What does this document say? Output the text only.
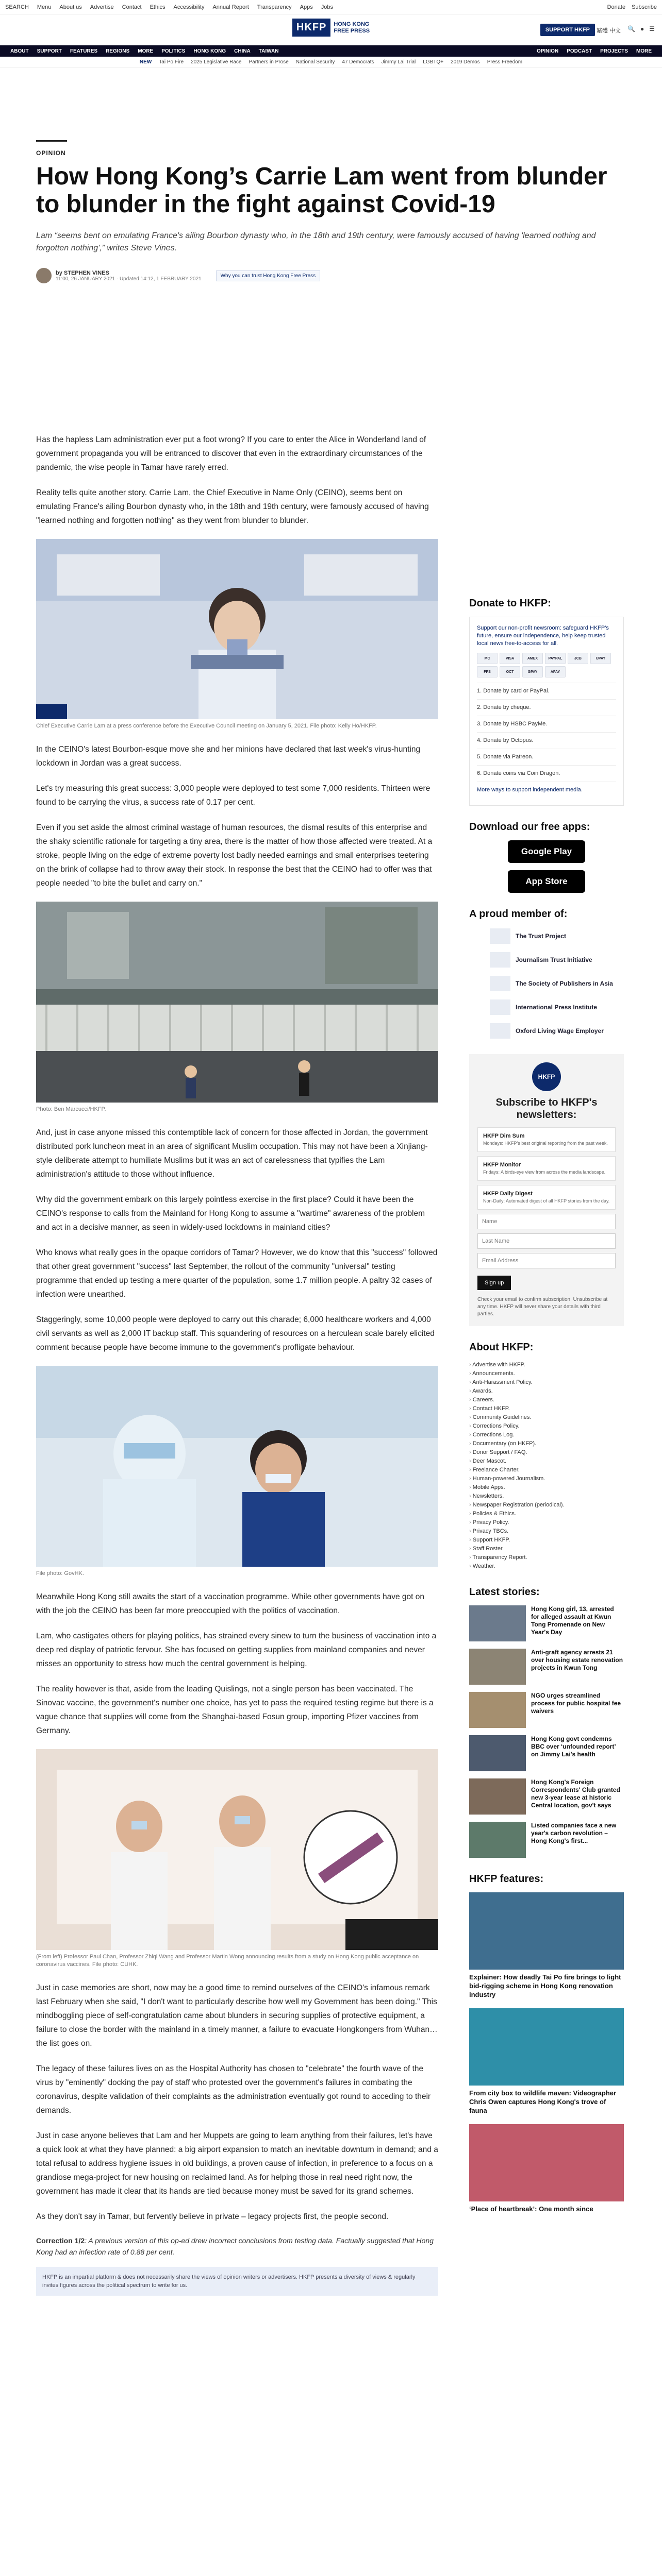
SEARCH Menu About us Advertise Contact Ethics Accessibility Annual Report Transparency Apps Jobs	Donate Subscribe
HKFP	HONG KONG
FREE PRESS	SUPPORT HKFP	繁體 中文 🔍 ● ☰
ABOUT SUPPORT FEATURES REGIONS MORE POLITICS HONG KONG CHINA TAIWAN	OPINION PODCAST PROJECTS MORE
NEW Tai Po Fire 2025 Legislative Race Partners in Prose National Security 47 Democrats Jimmy Lai Trial LGBTQ+ 2019 Demos Press Freedom
OPINION
How Hong Kong’s Carrie Lam went from blunder to blunder in the fight against Covid-19
Lam “seems bent on emulating France's ailing Bourbon dynasty who, in the 18th and 19th century, were famously accused of having 'learned nothing and forgotten nothing',” writes Steve Vines.
by STEPHEN VINES
11:00, 26 JANUARY 2021 · Updated 14:12, 1 FEBRUARY 2021
Why you can trust Hong Kong Free Press

Has the hapless Lam administration ever put a foot wrong? If you care to enter the Alice in Wonderland land of government propaganda you will be entranced to discover that even in the extraordinary circumstances of the pandemic, the wise people in Tamar have rarely erred.

Reality tells quite another story. Carrie Lam, the Chief Executive in Name Only (CEINO), seems bent on emulating France's ailing Bourbon dynasty who, in the 18th and 19th century, were famously accused of having "learned nothing and forgotten nothing" as they went from blunder to blunder.

Chief Executive Carrie Lam at a press conference before the Executive Council meeting on January 5, 2021. File photo: Kelly Ho/HKFP.

In the CEINO's latest Bourbon-esque move she and her minions have declared that last week's virus-hunting lockdown in Jordan was a great success.

Let's try measuring this great success: 3,000 people were deployed to test some 7,000 residents. Thirteen were found to be carrying the virus, a success rate of 0.17 per cent.

Even if you set aside the almost criminal wastage of human resources, the dismal results of this enterprise and the shaky scientific rationale for targeting a tiny area, there is the matter of how those affected were treated. At a stroke, people living on the edge of extreme poverty lost badly needed earnings and small enterprises teetering on the brink of collapse had to throw away their stock. In response the best that the CEINO had to offer was that people needed "to bite the bullet and carry on."

Photo: Ben Marcucci/HKFP.

And, just in case anyone missed this contemptible lack of concern for those affected in Jordan, the government distributed pork luncheon meat in an area of significant Muslim occupation. This may not have been a Xinjiang-style deliberate attempt to humiliate Muslims but it was an act of carelessness that typifies the Lam administration's attitude to those without influence.

Why did the government embark on this largely pointless exercise in the first place? Could it have been the CEINO's response to calls from the Mainland for Hong Kong to assume a "wartime" awareness of the problem and act in a decisive manner, as seen in widely-used lockdowns in mainland cities?

Who knows what really goes in the opaque corridors of Tamar? However, we do know that this "success" followed that other great government "success" last September, the rollout of the community "universal" testing programme that ended up testing a mere quarter of the population, some 1.7 million people. A paltry 32 cases of infection were unearthed.

Staggeringly, some 10,000 people were deployed to carry out this charade; 6,000 healthcare workers and 4,000 civil servants as well as 2,000 IT backup staff. This squandering of resources on a herculean scale barely elicited comment because people have become immune to the government's profligate behaviour.

File photo: GovHK.

Meanwhile Hong Kong still awaits the start of a vaccination programme. While other governments have got on with the job the CEINO has been far more preoccupied with the politics of vaccination.

Lam, who castigates others for playing politics, has strained every sinew to turn the business of vaccination into a deep red display of patriotic fervour. She has focused on getting supplies from mainland companies and never misses an opportunity to stress how much the central government is helping.

The reality however is that, aside from the leading Quislings, not a single person has been vaccinated. The Sinovac vaccine, the government's number one choice, has yet to pass the required testing regime but there is a vague chance that supplies will come from the Shanghai-based Fosun group, importing Pfizer vaccines from Germany.

(From left) Professor Paul Chan, Professor Zhiqi Wang and Professor Martin Wong announcing results from a study on Hong Kong public acceptance on coronavirus vaccines. File photo: CUHK.

Just in case memories are short, now may be a good time to remind ourselves of the CEINO's infamous remark last February when she said, "I don't want to particularly describe how well my Government has been doing." This mindboggling piece of self-congratulation came about blunders in securing supplies of protective equipment, a failure to close the border with the mainland in a timely manner, a failure to evacuate Hongkongers from Wuhan… the list goes on.

The legacy of these failures lives on as the Hospital Authority has chosen to "celebrate" the fourth wave of the virus by "eminently" docking the pay of staff who protested over the government's failures in combating the coronavirus, despite validation of their complaints as the administration eventually got round to acceding to their demands.

Just in case anyone believes that Lam and her Muppets are going to learn anything from their failures, let's have a quick look at what they have planned: a big airport expansion to match an inevitable downturn in demand; and a total refusal to address hygiene issues in old buildings, a proven cause of infection, in preference to a focus on a grandiose mega-project for new housing on reclaimed land. As for helping those in real need right now, the government has made it clear that its hands are tied because money must be saved for its grand schemes.

As they don't say in Tamar, but fervently believe in private – legacy projects first, the people second.

Correction 1/2: A previous version of this op-ed drew incorrect conclusions from testing data. Factually suggested that Hong Kong had an infection rate of 0.88 per cent.
HKFP is an impartial platform & does not necessarily share the views of opinion writers or advertisers. HKFP presents a diversity of views & regularly invites figures across the political spectrum to write for us.
Donate to HKFP:
Support our non-profit newsroom: safeguard HKFP's future, ensure our independence, help keep trusted local news free-to-access for all.
MC	VISA	AMEX	PAYPAL	JCB	UPAY
FPS	OCT	GPAY	APAY
1. Donate by card or PayPal.
2. Donate by cheque.
3. Donate by HSBC PayMe.
4. Donate by Octopus.
5. Donate via Patreon.
6. Donate coins via Coin Dragon.
More ways to support independent media.
Download our free apps:
Google Play
App Store
A proud member of:
The Trust Project
Journalism Trust Initiative
The Society of Publishers in Asia
International Press Institute
Oxford Living Wage Employer
HKFP
Subscribe to HKFP's newsletters:
HKFP Dim Sum
Mondays: HKFP's best original reporting from the past week.
HKFP Monitor
Fridays: A birds-eye view from across the media landscape.
HKFP Daily Digest
Non-Daily: Automated digest of all HKFP stories from the day.
Name
Last Name
Email Address
Sign up
Check your email to confirm subscription. Unsubscribe at any time. HKFP will never share your details with third parties.
About HKFP:
› Advertise with HKFP.
› Announcements.
› Anti-Harassment Policy.
› Awards.
› Careers.
› Contact HKFP.
› Community Guidelines.
› Corrections Policy.
› Corrections Log.
› Documentary (on HKFP).
› Donor Support / FAQ.
› Deer Mascot.
› Freelance Charter.
› Human-powered Journalism.
› Mobile Apps.
› Newsletters.
› Newspaper Registration (periodical).
› Policies & Ethics.
› Privacy Policy.
› Privacy TBCs.
› Support HKFP.
› Staff Roster.
› Transparency Report.
› Weather.
Latest stories:
Hong Kong girl, 13, arrested for alleged assault at Kwun Tong Promenade on New Year's Day
Anti-graft agency arrests 21 over housing estate renovation projects in Kwun Tong
NGO urges streamlined process for public hospital fee waivers
Hong Kong govt condemns BBC over ‘unfounded report’ on Jimmy Lai's health
Hong Kong's Foreign Correspondents' Club granted new 3-year lease at historic Central location, gov't says
Listed companies face a new year's carbon revolution – Hong Kong's first...
HKFP features:
Explainer: How deadly Tai Po fire brings to light bid-rigging scheme in Hong Kong renovation industry
From city box to wildlife maven: Videographer Chris Owen captures Hong Kong's trove of fauna
‘Place of heartbreak’: One month since
